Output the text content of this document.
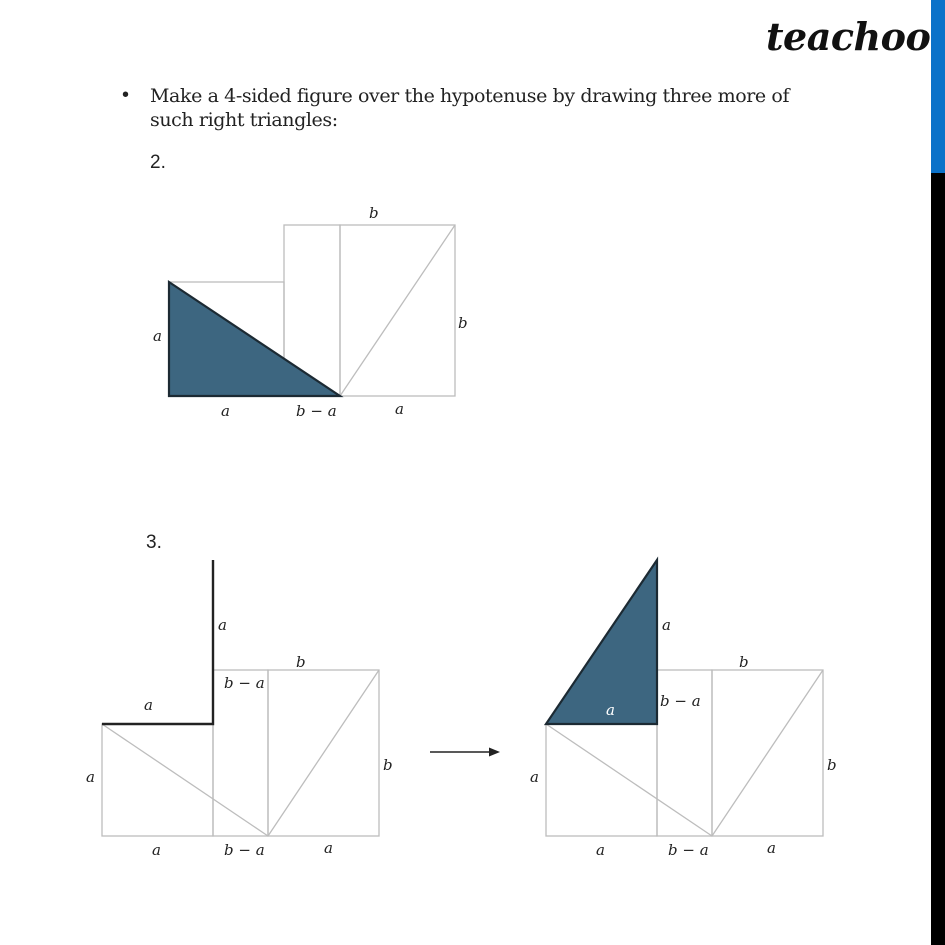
teachoo
• Make a 4-sided figure over the hypotenuse by drawing three more of such right triangles:
2.
3.
b
b
a
a	b − a	a
a
b
b − a
a
a
b
a	b − a	a
a
b
b − a
a
a
b
a	b − a	a
